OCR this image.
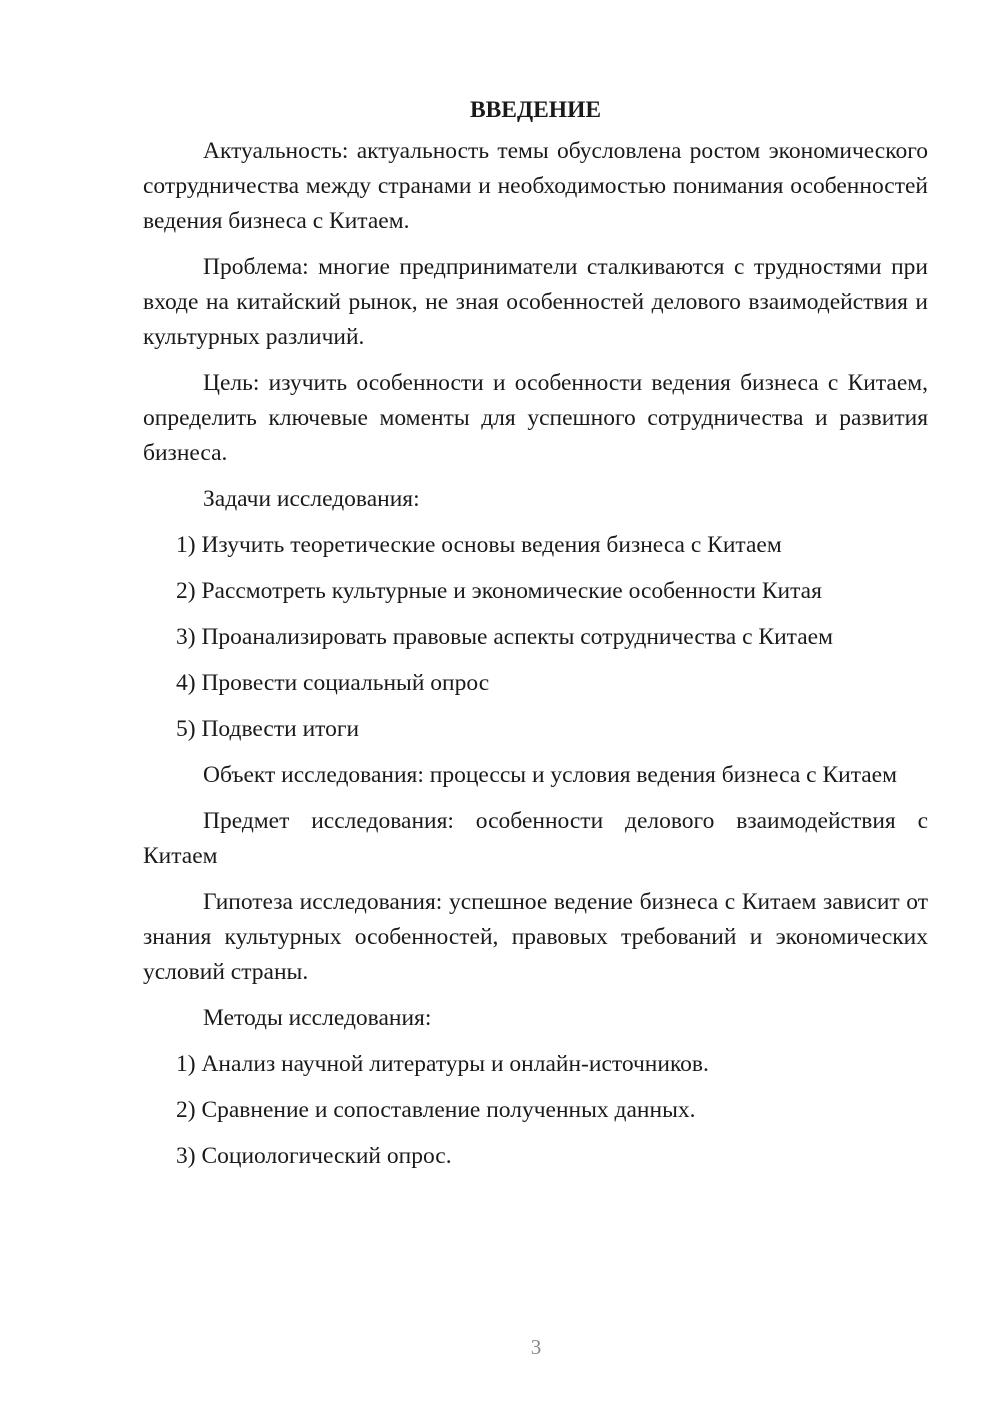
ВВЕДЕНИЕ

Актуальность: актуальность темы обусловлена ростом экономического сотрудничества между странами и необходимостью понимания особенностей ведения бизнеса с Китаем.

Проблема: многие предприниматели сталкиваются с трудностями при входе на китайский рынок, не зная особенностей делового взаимодействия и культурных различий.

Цель: изучить особенности и особенности ведения бизнеса с Китаем, определить ключевые моменты для успешного сотрудничества и развития бизнеса.

Задачи исследования:

1) Изучить теоретические основы ведения бизнеса с Китаем

2) Рассмотреть культурные и экономические особенности Китая

3) Проанализировать правовые аспекты сотрудничества с Китаем

4) Провести социальный опрос

5) Подвести итоги

Объект исследования: процессы и условия ведения бизнеса с Китаем

Предмет исследования: особенности делового взаимодействия с Китаем

Гипотеза исследования: успешное ведение бизнеса с Китаем зависит от знания культурных особенностей, правовых требований и экономических условий страны.

Методы исследования:

1) Анализ научной литературы и онлайн-источников.

2) Сравнение и сопоставление полученных данных.

3) Социологический опрос.

3
